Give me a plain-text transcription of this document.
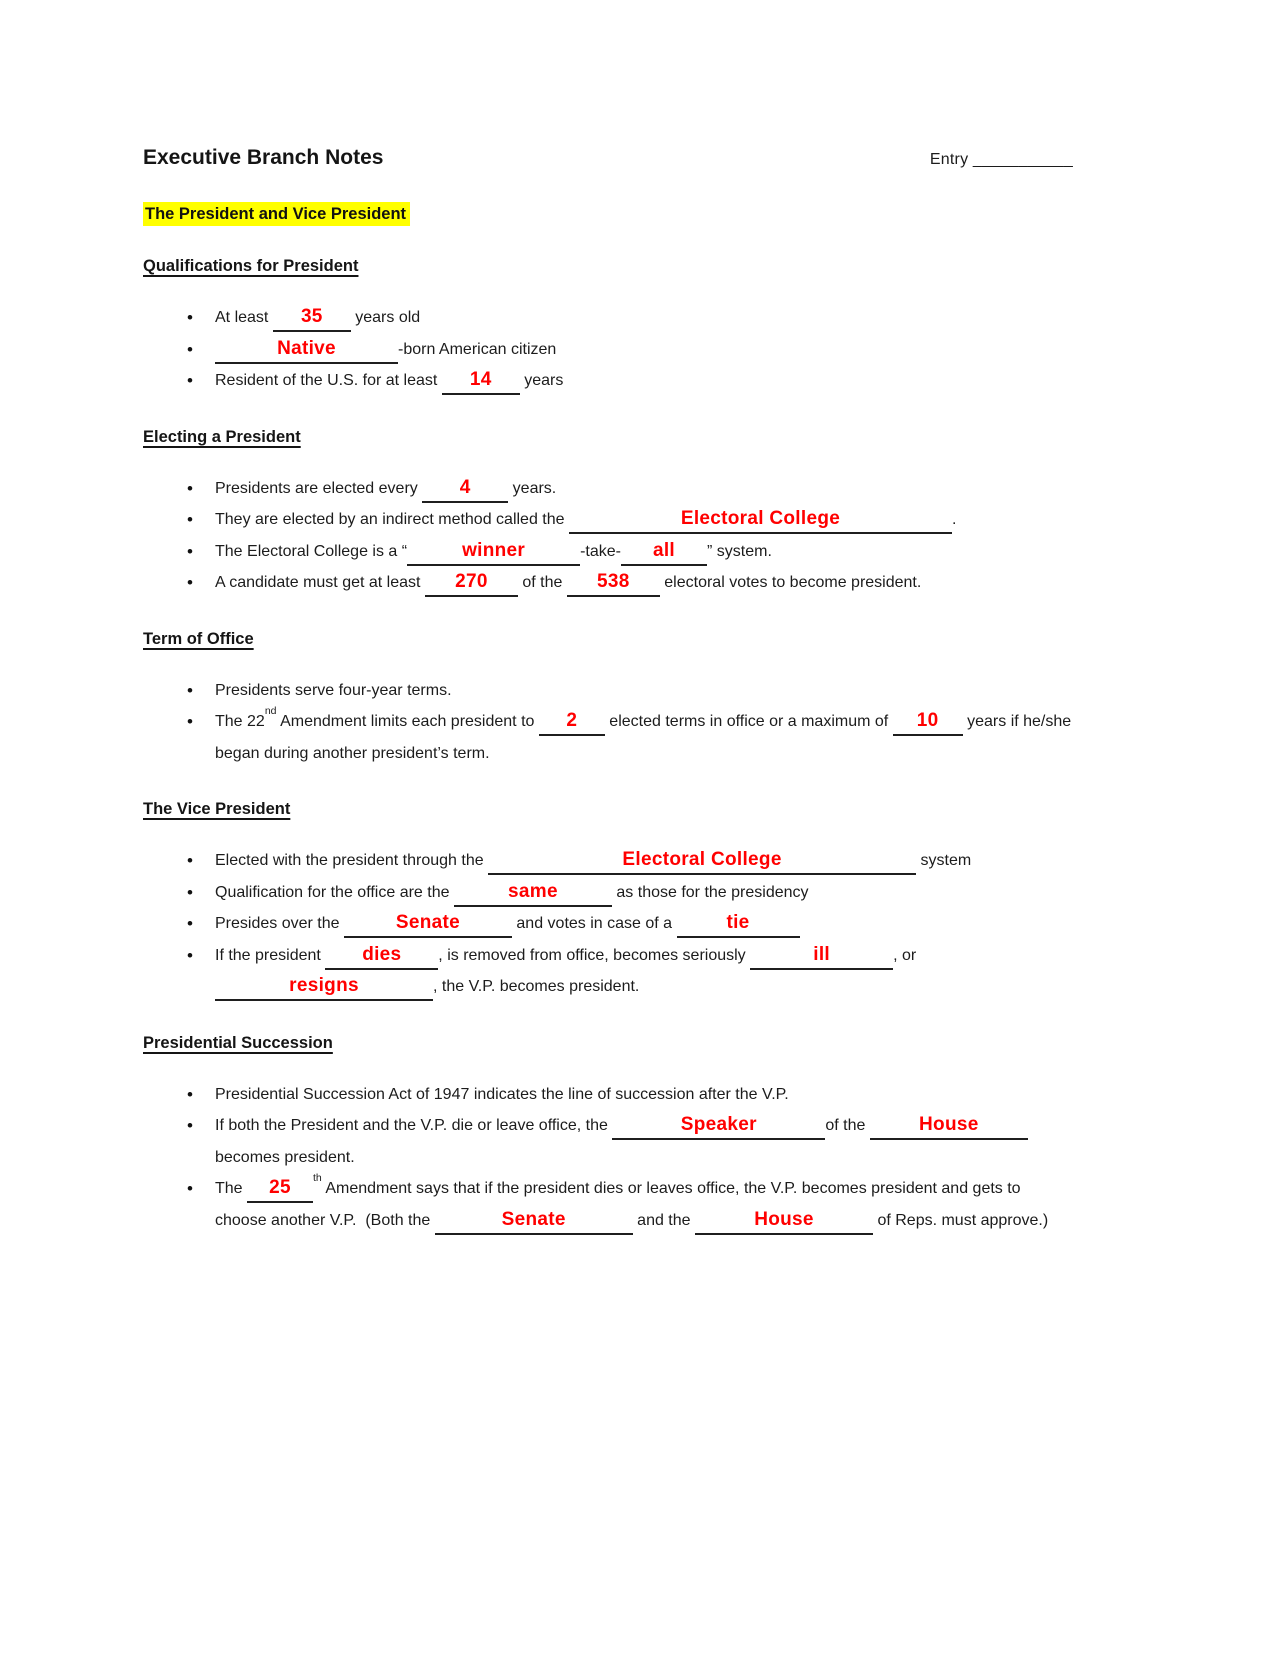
Executive Branch Notes	Entry ___________
The President and Vice President
Qualifications for President
• At least 35 years old
• Native	-born American citizen
• Resident of the U.S. for at least 14 years
Electing a President
• Presidents are elected every 4 years.
• They are elected by an indirect method called the	Electoral College	.
• The Electoral College is a “	winner	-take- all ” system.
• A candidate must get at least 270 of the 538 electoral votes to become president.
Term of Office
• Presidents serve four-year terms.
• The 22nd Amendment limits each president to 2 elected terms in office or a maximum of 10 years if he/she began during another president’s term.
The Vice President
• Elected with the president through the	Electoral College	system
• Qualification for the office are the	same	as those for the presidency
• Presides over the	Senate	and votes in case of a	tie
• If the president dies , is removed from office, becomes seriously	ill	, or resigns	, the V.P. becomes president.
Presidential Succession
• Presidential Succession Act of 1947 indicates the line of succession after the V.P.
• If both the President and the V.P. die or leave office, the	Speaker	of the	House becomes president.
• The 25 $^{th}$ Amendment says that if the president dies or leaves office, the V.P. becomes president and gets to choose another V.P.  (Both the	Senate	and the	House	of Reps. must approve.)
